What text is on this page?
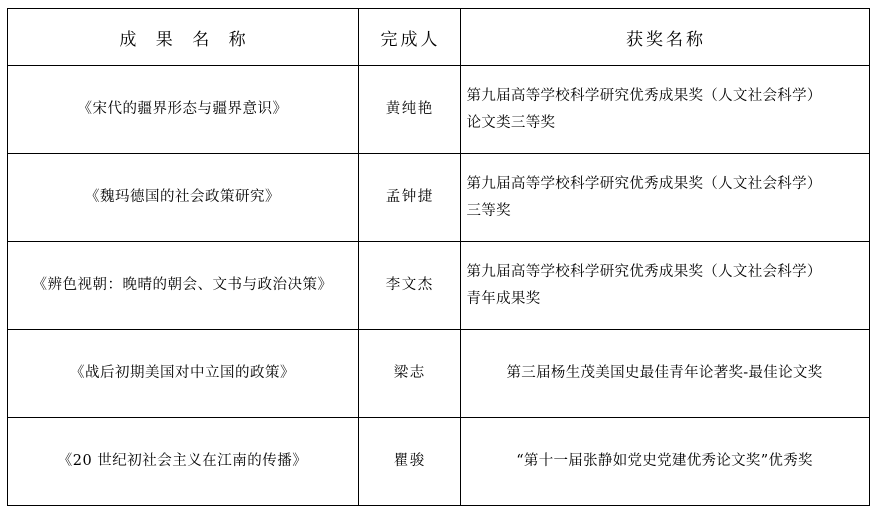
成 果 名 称	完成人	获奖名称
《宋代的疆界形态与疆界意识》	黄纯艳	第九届高等学校科学研究优秀成果奖（人文社会科学）
论文类三等奖

《魏玛德国的社会政策研究》	孟钟捷	第九届高等学校科学研究优秀成果奖（人文社会科学）
三等奖

《辨色视朝：晚晴的朝会、文书与政治决策》	李文杰	第九届高等学校科学研究优秀成果奖（人文社会科学）
青年成果奖

《战后初期美国对中立国的政策》	梁志	第三届杨生茂美国史最佳青年论著奖-最佳论文奖
《20 世纪初社会主义在江南的传播》	瞿骏	“第十一届张静如党史党建优秀论文奖”优秀奖
